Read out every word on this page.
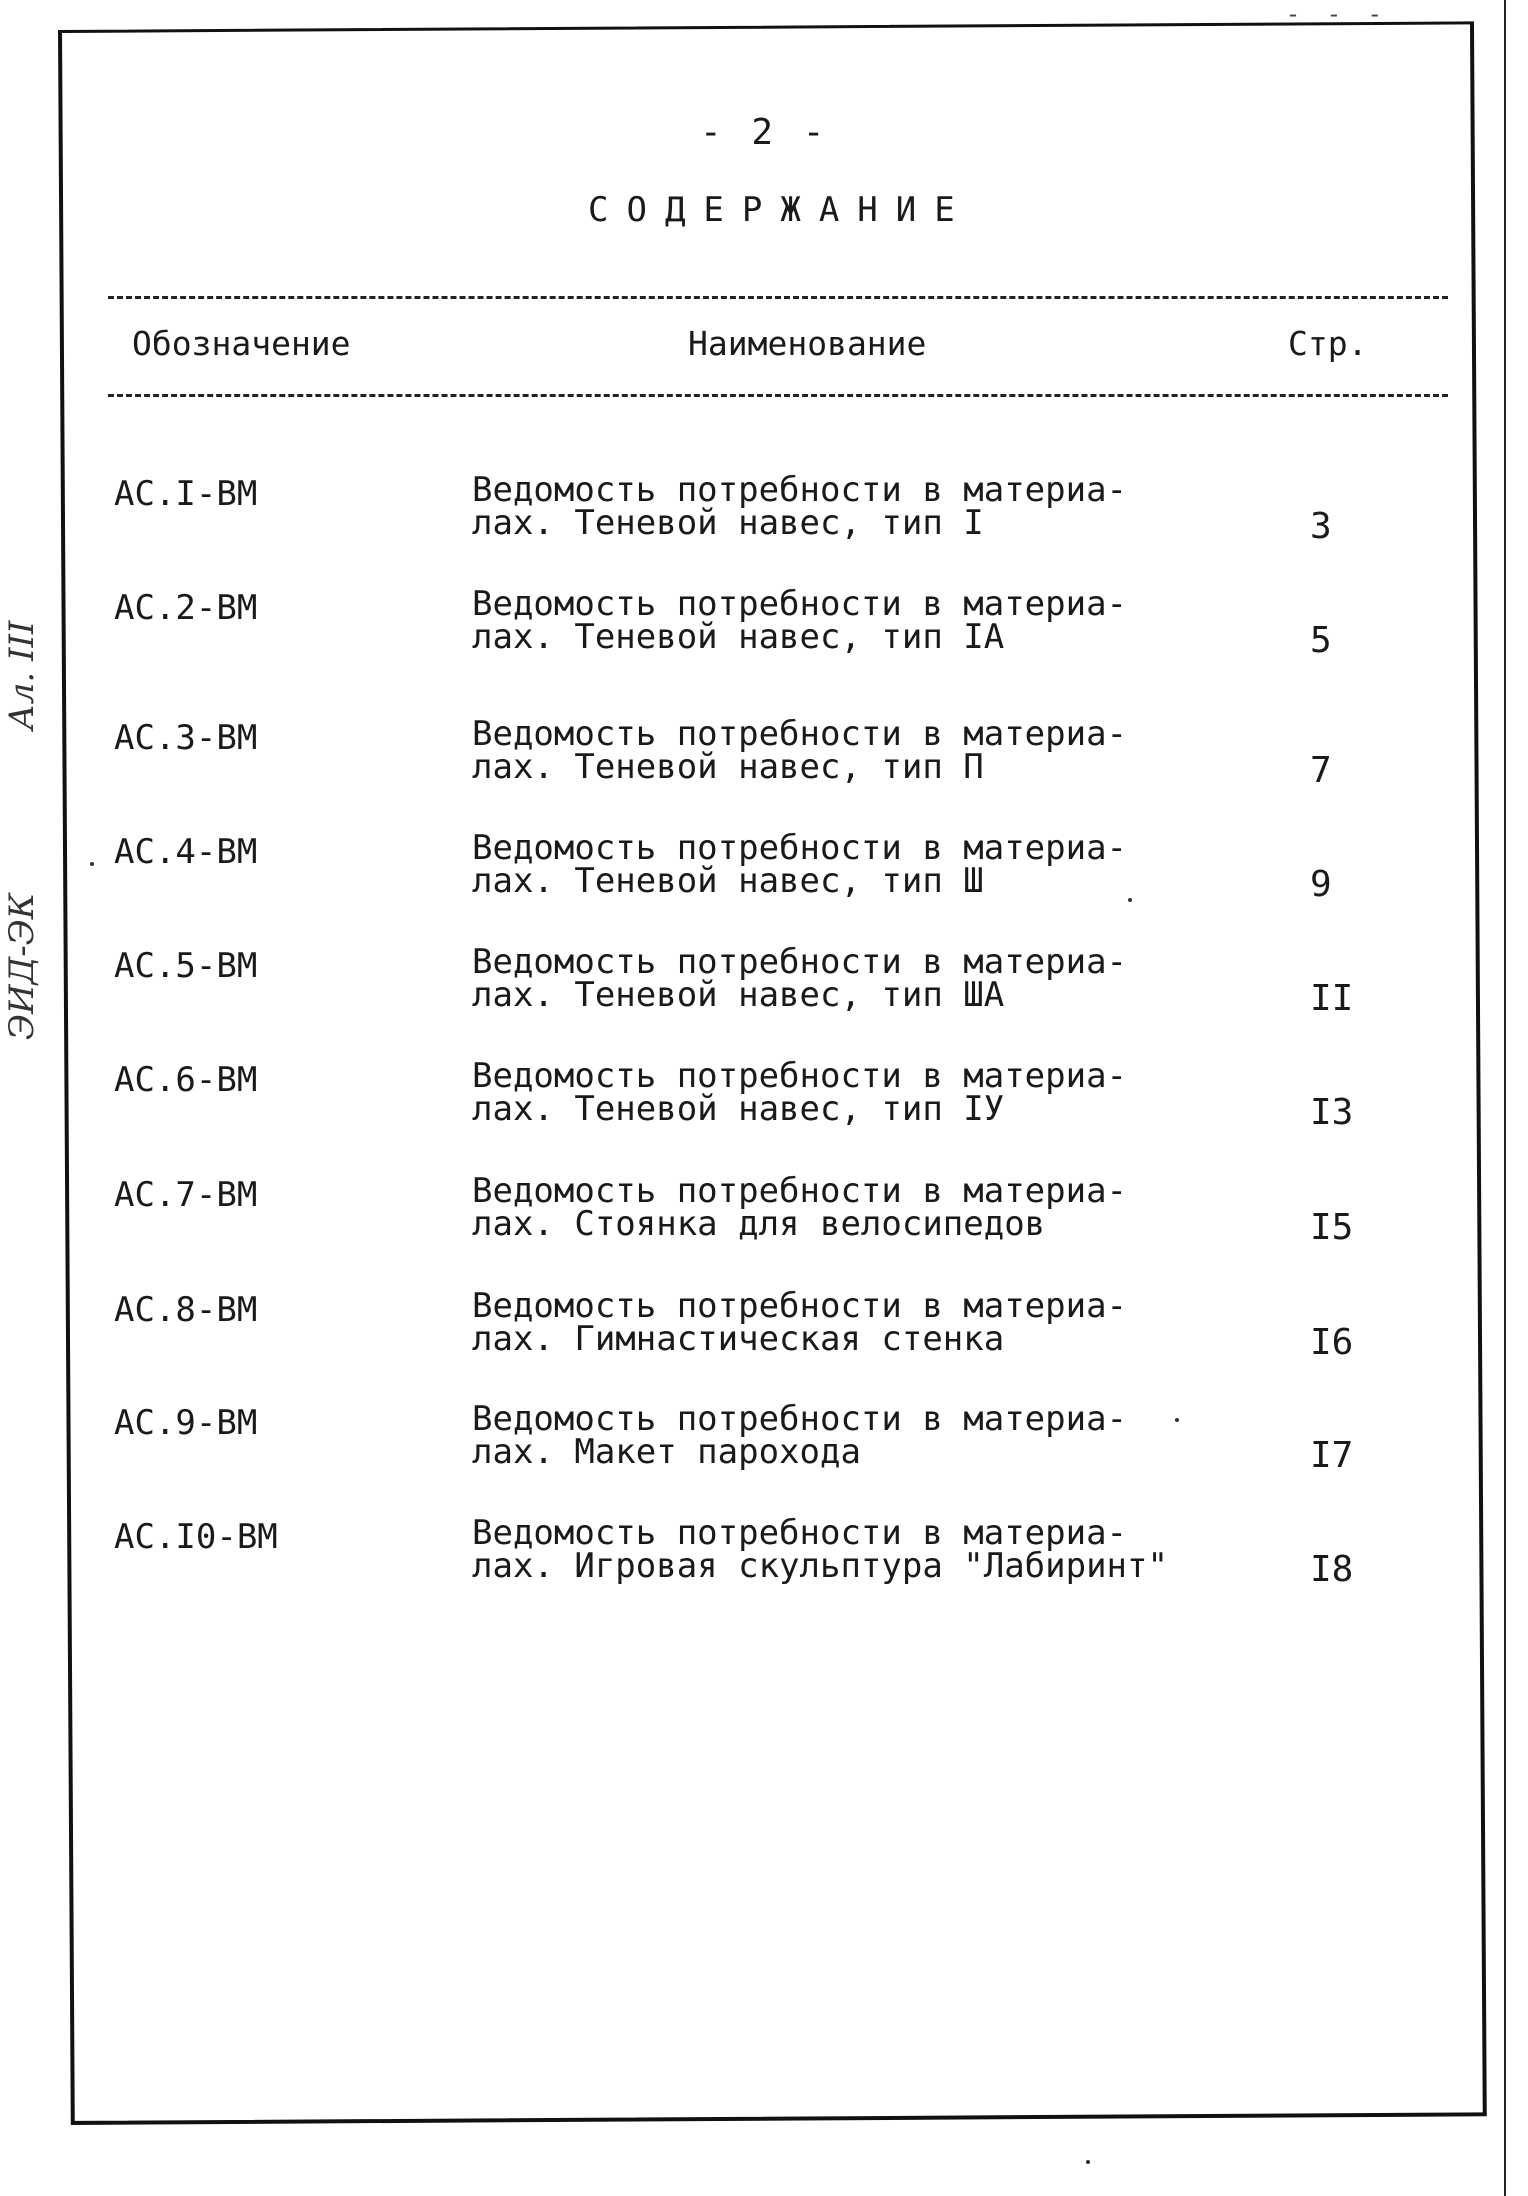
- - -
- 2 -
СОДЕРЖАНИЕ
Обозначение	Наименование	Стр.
АС.I-ВМ	Ведомость потребности в материа-
лах. Теневой навес, тип I	3
АС.2-ВМ	Ведомость потребности в материа-
лах. Теневой навес, тип IА	5
АС.3-ВМ	Ведомость потребности в материа-
лах. Теневой навес, тип П	7
АС.4-ВМ	Ведомость потребности в материа-
лах. Теневой навес, тип Ш	9
АС.5-ВМ	Ведомость потребности в материа-
лах. Теневой навес, тип ША	II
АС.6-ВМ	Ведомость потребности в материа-
лах. Теневой навес, тип IУ	I3
АС.7-ВМ	Ведомость потребности в материа-
лах. Стоянка для велосипедов	I5
АС.8-ВМ	Ведомость потребности в материа-
лах. Гимнастическая стенка	I6
АС.9-ВМ	Ведомость потребности в материа-
лах. Макет парохода	I7
АС.I0-ВМ	Ведомость потребности в материа-
лах. Игровая скульптура "Лабиринт"	I8
Ал. III
ЭИД-ЭК
